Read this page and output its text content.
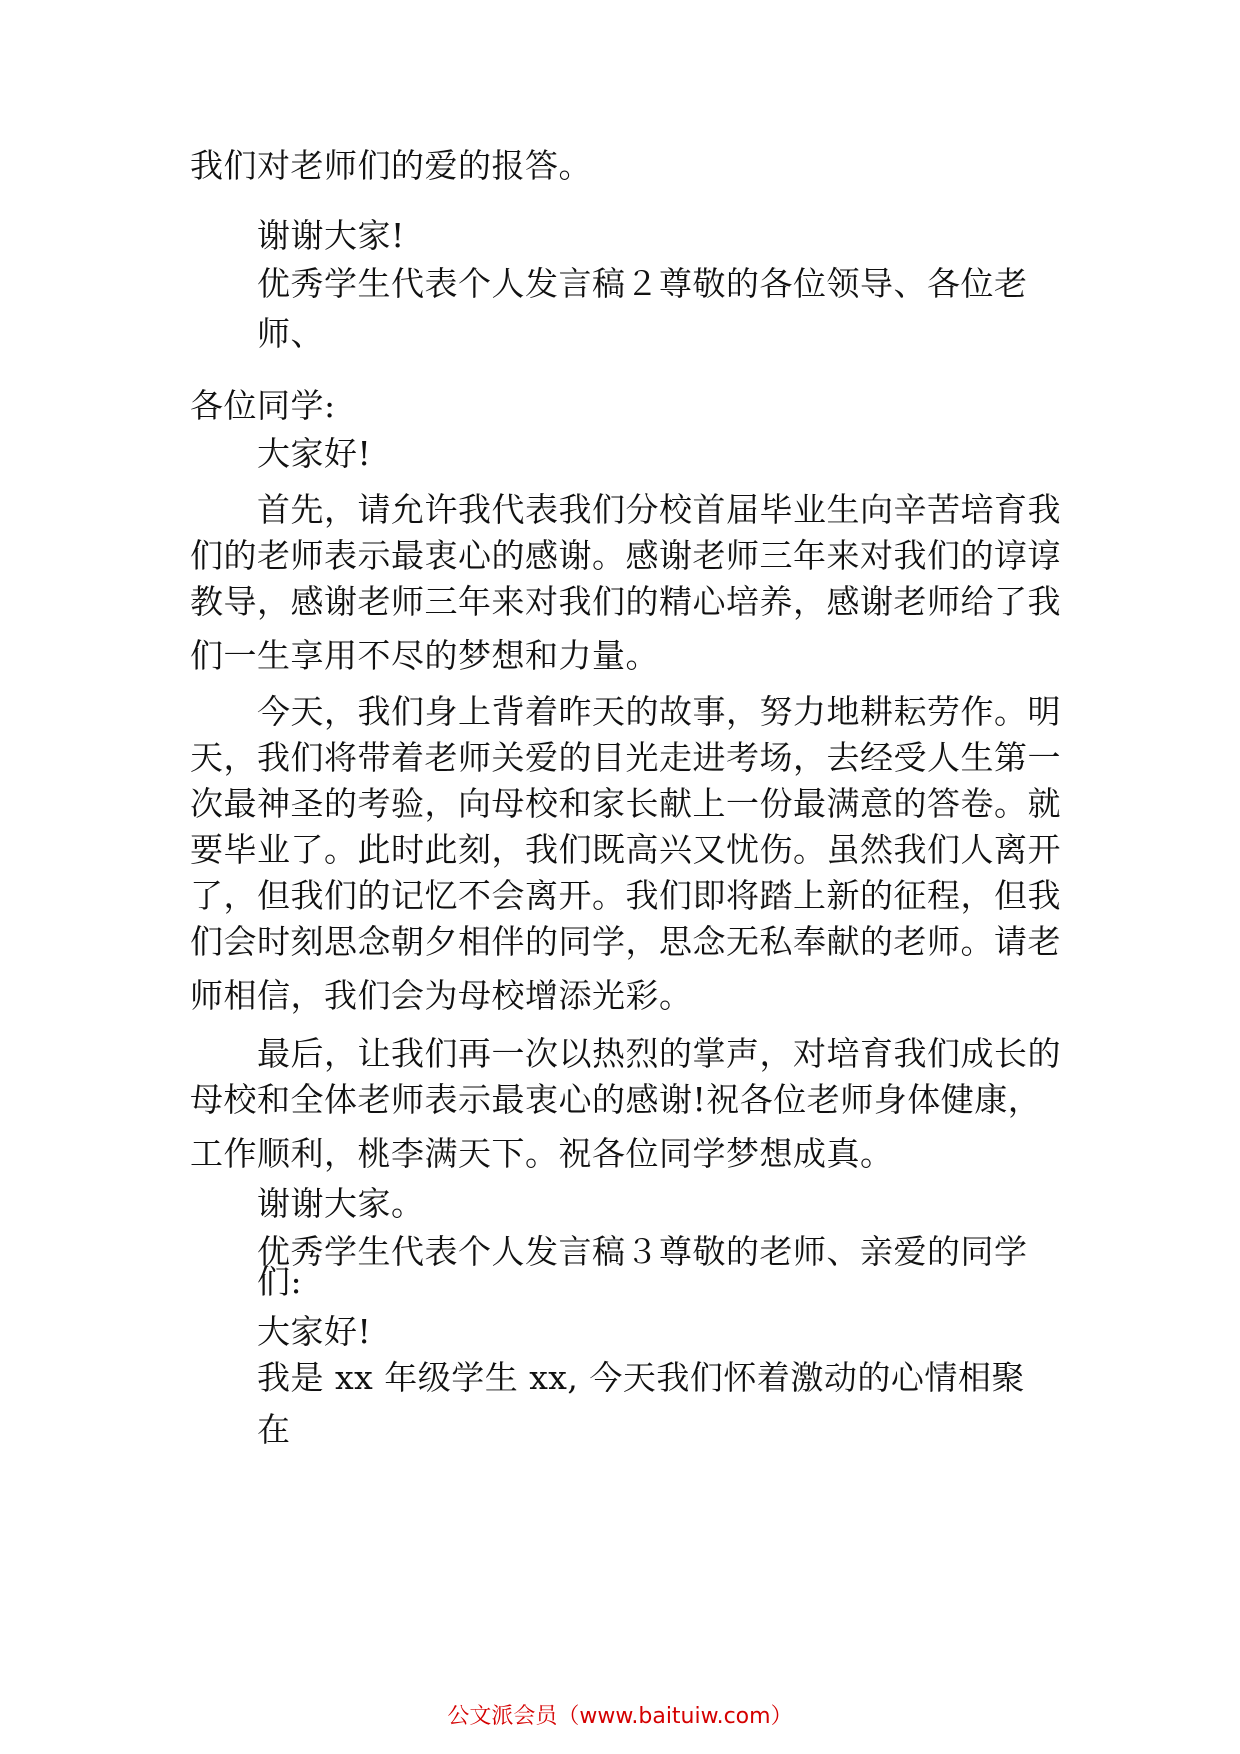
我们对老师们的爱的报答。
谢谢大家!
优秀学生代表个人发言稿２尊敬的各位领导、各位老
师、
各位同学:
大家好!
首先，请允许我代表我们分校首届毕业生向辛苦培育我
们的老师表示最衷心的感谢。感谢老师三年来对我们的谆谆
教导，感谢老师三年来对我们的精心培养，感谢老师给了我
们一生享用不尽的梦想和力量。
今天，我们身上背着昨天的故事，努力地耕耘劳作。明
天，我们将带着老师关爱的目光走进考场，去经受人生第一
次最神圣的考验，向母校和家长献上一份最满意的答卷。就
要毕业了。此时此刻，我们既高兴又忧伤。虽然我们人离开
了，但我们的记忆不会离开。我们即将踏上新的征程，但我
们会时刻思念朝夕相伴的同学，思念无私奉献的老师。请老
师相信，我们会为母校增添光彩。
最后，让我们再一次以热烈的掌声，对培育我们成长的
母校和全体老师表示最衷心的感谢!祝各位老师身体健康，
工作顺利，桃李满天下。祝各位同学梦想成真。
谢谢大家。
优秀学生代表个人发言稿３尊敬的老师、亲爱的同学
们:
大家好!
我是 xx 年级学生 xx, 今天我们怀着激动的心情相聚
在
公文派会员（www.baituiw.com）
